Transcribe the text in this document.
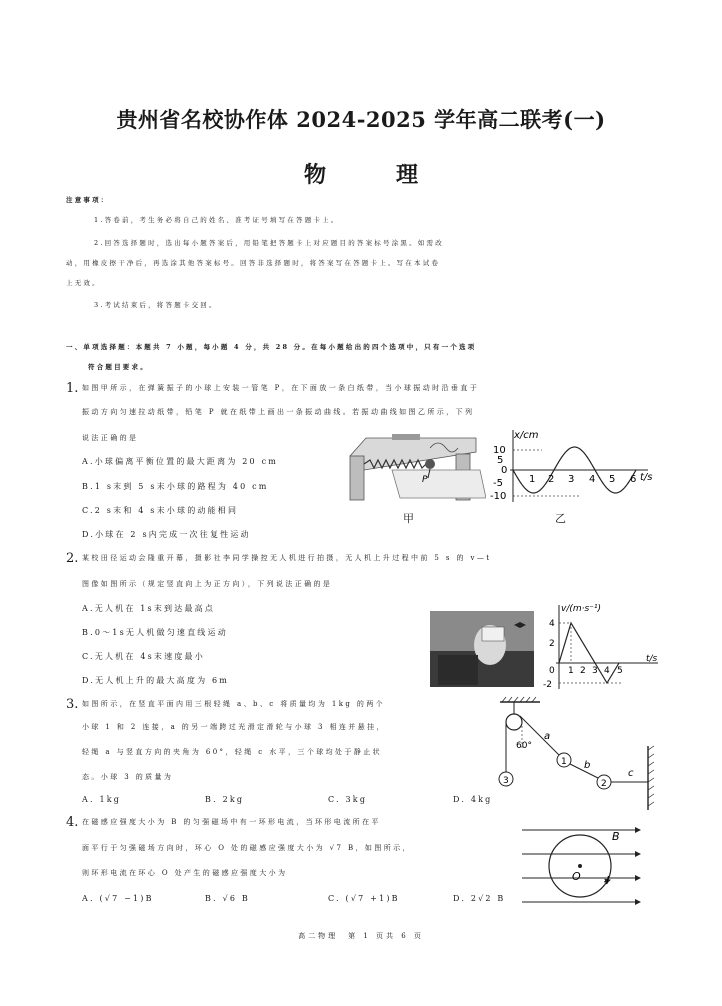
贵州省名校协作体 2024-2025 学年高二联考(一)
物　理
注意事项：
1.答卷前，考生务必将自己的姓名、准考证号填写在答题卡上。
2.回答选择题时，选出每小题答案后，用铅笔把答题卡上对应题目的答案标号涂黑。如需改
动，用橡皮擦干净后，再选涂其他答案标号。回答非选择题时，将答案写在答题卡上。写在本试卷
上无效。
3.考试结束后，将答题卡交回。
一、单项选择题：本题共 7 小题，每小题 4 分，共 28 分。在每小题给出的四个选项中，只有一个选项
符合题目要求。
1. 如图甲所示，在弹簧振子的小球上安装一管笔 P，在下面放一条白纸带，当小球振动时沿垂直于
振动方向匀速拉动纸带，铅笔 P 就在纸带上画出一条振动曲线。若振动曲线如图乙所示，下列
说法正确的是
A.小球偏离平衡位置的最大距离为 20 cm
B.1 s末到 5 s末小球的路程为 40 cm
C.2 s末和 4 s末小球的动能相同
D.小球在 2 s内完成一次往复性运动
P
甲
x/cm
t/s
10
5
0
-5
-10
1 2 3 4 5 6
乙
2. 某校田径运动会隆重开幕，摄影社李同学操控无人机进行拍摄，无人机上升过程中前 5 s 的 v—t
图像如图所示（规定竖直向上为正方向），下列说法正确的是
A.无人机在 1s末到达最高点
B.0～1s无人机做匀速直线运动
C.无人机在 4s末速度最小
D.无人机上升的最大高度为 6m
v/(m·s⁻¹)
t/s
4
2
0
-2
1 2 3 4 5
3. 如图所示，在竖直平面内用三根轻绳 a、b、c 将质量均为 1kg 的两个
小球 1 和 2 连接，a 的另一端跨过光滑定滑轮与小球 3 相连并悬挂，
轻绳 a 与竖直方向的夹角为 60°，轻绳 c 水平，三个球均处于静止状
态。小球 3 的质量为
A. 1kg	B. 2kg	C. 3kg	D. 4kg
3
60°
a
1 b
2
c
4. 在磁感应强度大小为 B 的匀强磁场中有一环形电流，当环形电流所在平
面平行于匀强磁场方向时，环心 O 处的磁感应强度大小为 √7 B，如图所示，
则环形电流在环心 O 处产生的磁感应强度大小为
A. (√7 −1)B	B. √6 B	C. (√7 +1)B	D. 2√2 B
B
O I
高二物理　第 1 页共 6 页
